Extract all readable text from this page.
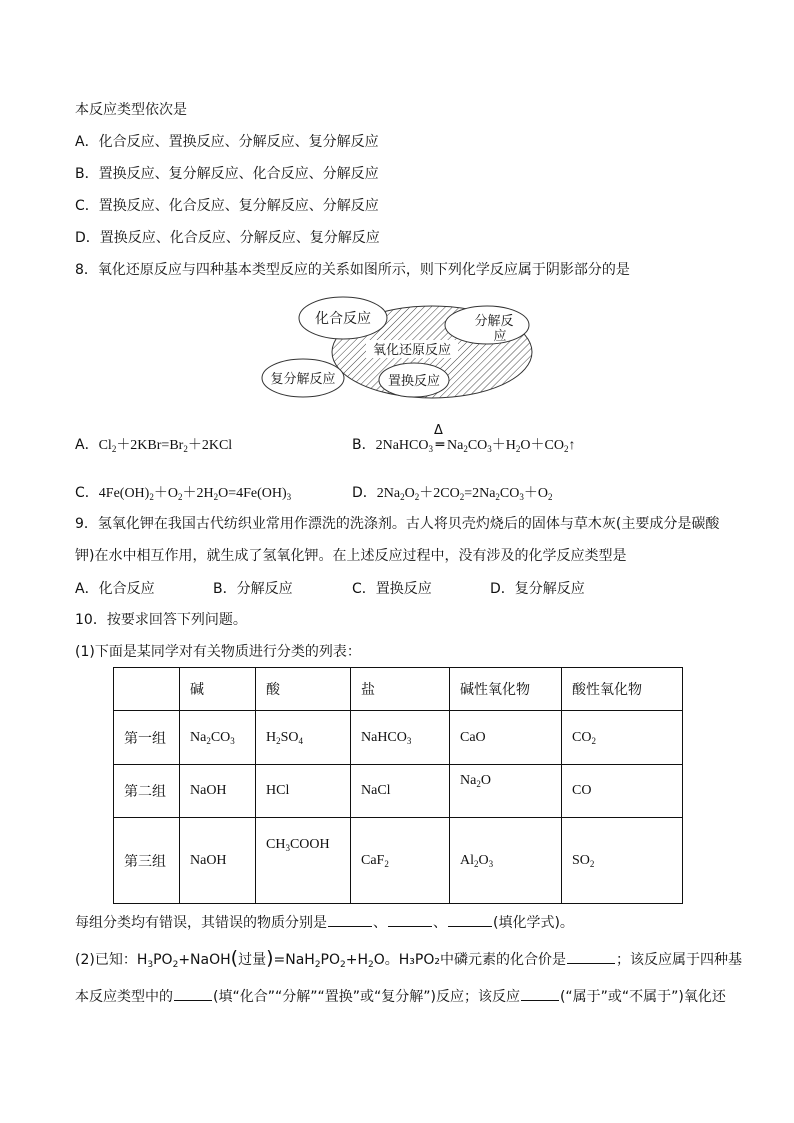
本反应类型依次是
A．化合反应、置换反应、分解反应、复分解反应
B．置换反应、复分解反应、化合反应、分解反应
C．置换反应、化合反应、复分解反应、分解反应
D．置换反应、化合反应、分解反应、复分解反应
8．氧化还原反应与四种基本类型反应的关系如图所示，则下列化学反应属于阴影部分的是
化合反应	分解反
应
氧化还原反应
复分解反应	置换反应
A．$Cl_2+2KBr=Br_2+2KCl$	B．2NaHCO$_3$
Δ
═ $Na_2CO_3+H_2O+CO_2↑$
C．$4Fe(OH)_2+O_2+2H_2O=4Fe(OH)_3$	D．$2Na_2O_2+2CO_2=2Na_2CO_3+O_2$
9．氢氧化钾在我国古代纺织业常用作漂洗的洗涤剂。古人将贝壳灼烧后的固体与草木灰(主要成分是碳酸
钾)在水中相互作用，就生成了氢氧化钾。在上述反应过程中，没有涉及的化学反应类型是
A．化合反应	B．分解反应	C．置换反应	D．复分解反应
10．按要求回答下列问题。
(1)下面是某同学对有关物质进行分类的列表：
	碱	酸	盐	碱性氧化物	酸性氧化物
第一组	$Na_2CO_3$	$H_2SO_4$	NaHCO$_3$	CaO	$CO_2$
第二组	NaOH	HCl	NaCl	$Na_2O$	CO
第三组	NaOH	$CH_3COOH$	CaF$_2$	$Al_2O_3$	$SO_2$
每组分类均有错误，其错误的物质分别是	、	、	(填化学式)。
(2)已知：$H_3PO_2+NaOH$(过量)$=NaH_2PO_2+H_2O$。H₃PO₂中磷元素的化合价是	；该反应属于四种基
本反应类型中的	(填“化合”“分解”“置换”或“复分解”)反应；该反应	(“属于”或“不属于”)氧化还
